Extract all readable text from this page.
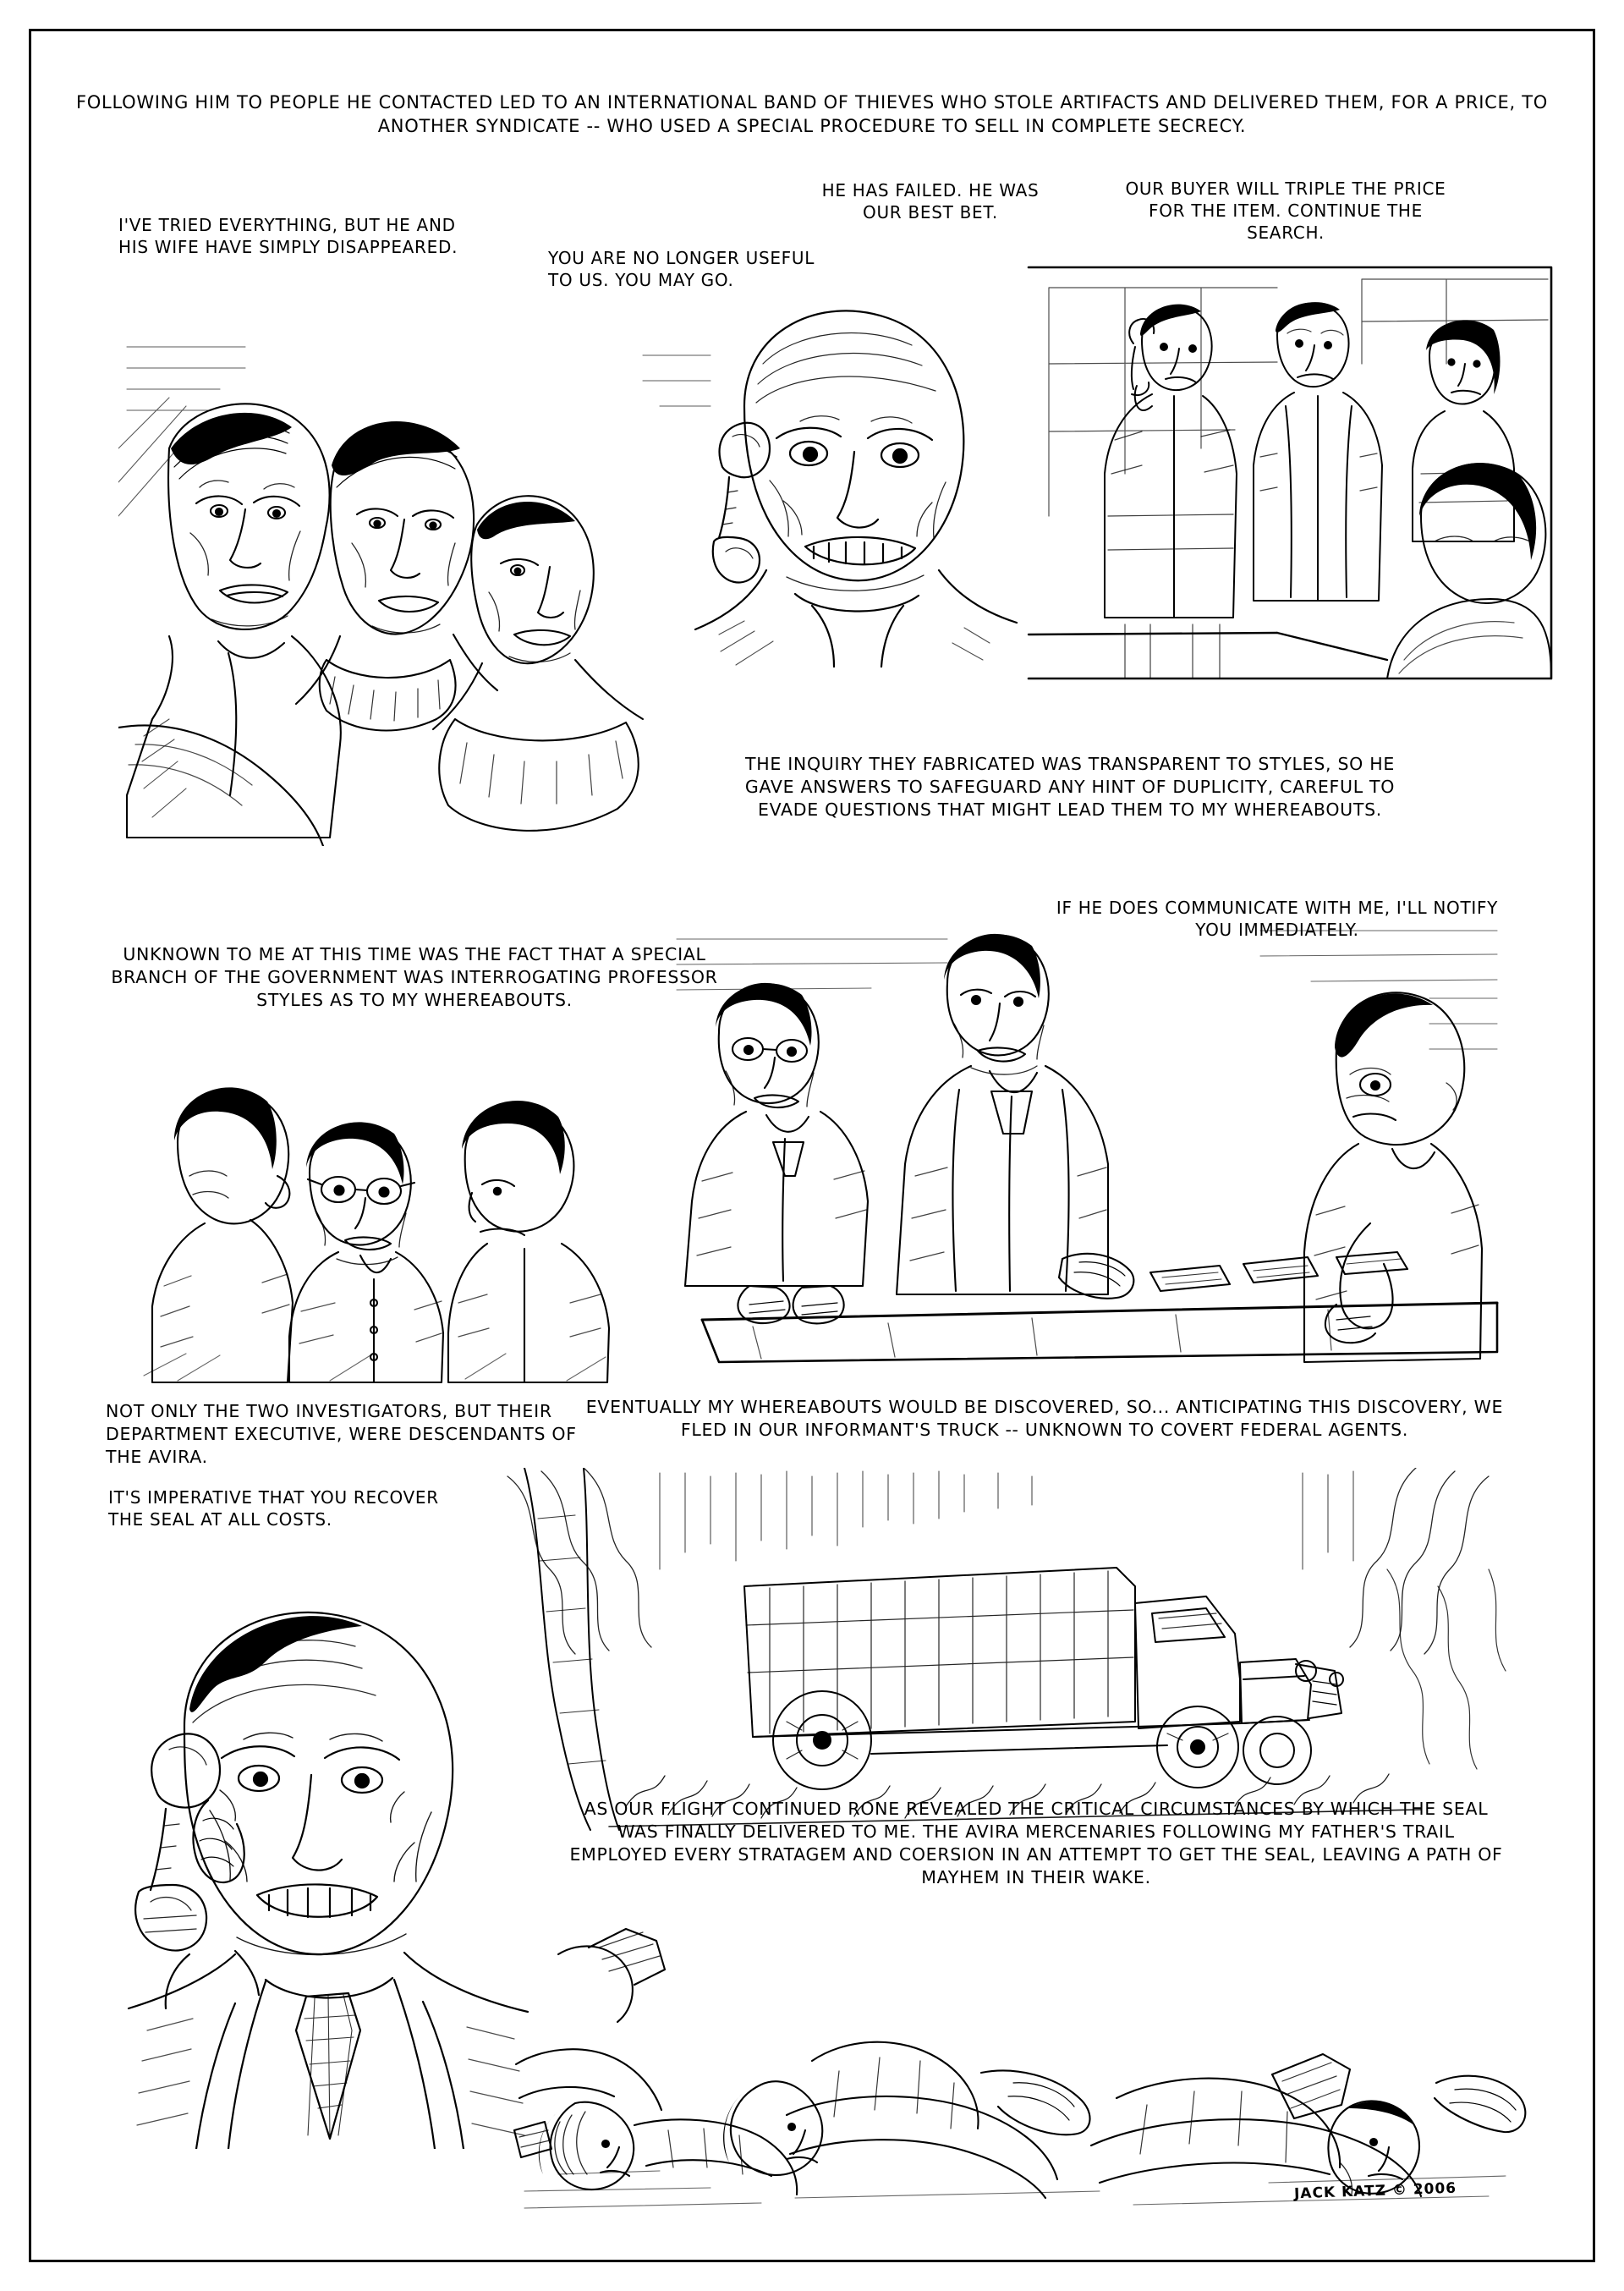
FOLLOWING HIM TO PEOPLE HE CONTACTED LED TO AN INTERNATIONAL BAND OF THIEVES WHO STOLE ARTIFACTS AND DELIVERED THEM, FOR A PRICE, TO ANOTHER SYNDICATE -- WHO USED A SPECIAL PROCEDURE TO SELL IN COMPLETE SECRECY.
I'VE TRIED EVERYTHING, BUT HE AND HIS WIFE HAVE SIMPLY DISAPPEARED.
YOU ARE NO LONGER USEFUL TO US. YOU MAY GO.
HE HAS FAILED. HE WAS OUR BEST BET.
OUR BUYER WILL TRIPLE THE PRICE FOR THE ITEM. CONTINUE THE SEARCH.
THE INQUIRY THEY FABRICATED WAS TRANSPARENT TO STYLES, SO HE GAVE ANSWERS TO SAFEGUARD ANY HINT OF DUPLICITY, CAREFUL TO EVADE QUESTIONS THAT MIGHT LEAD THEM TO MY WHEREABOUTS.
IF HE DOES COMMUNICATE WITH ME, I'LL NOTIFY YOU IMMEDIATELY.
UNKNOWN TO ME AT THIS TIME WAS THE FACT THAT A SPECIAL BRANCH OF THE GOVERNMENT WAS INTERROGATING PROFESSOR STYLES AS TO MY WHEREABOUTS.
NOT ONLY THE TWO INVESTIGATORS, BUT THEIR DEPARTMENT EXECUTIVE, WERE DESCENDANTS OF THE AVIRA.
EVENTUALLY MY WHEREABOUTS WOULD BE DISCOVERED, SO... ANTICIPATING THIS DISCOVERY, WE FLED IN OUR INFORMANT'S TRUCK -- UNKNOWN TO COVERT FEDERAL AGENTS.
IT'S IMPERATIVE THAT YOU RECOVER THE SEAL AT ALL COSTS.
AS OUR FLIGHT CONTINUED RONE REVEALED THE CRITICAL CIRCUMSTANCES BY WHICH THE SEAL WAS FINALLY DELIVERED TO ME. THE AVIRA MERCENARIES FOLLOWING MY FATHER'S TRAIL EMPLOYED EVERY STRATAGEM AND COERSION IN AN ATTEMPT TO GET THE SEAL, LEAVING A PATH OF MAYHEM IN THEIR WAKE.
JACK KATZ © 2006
